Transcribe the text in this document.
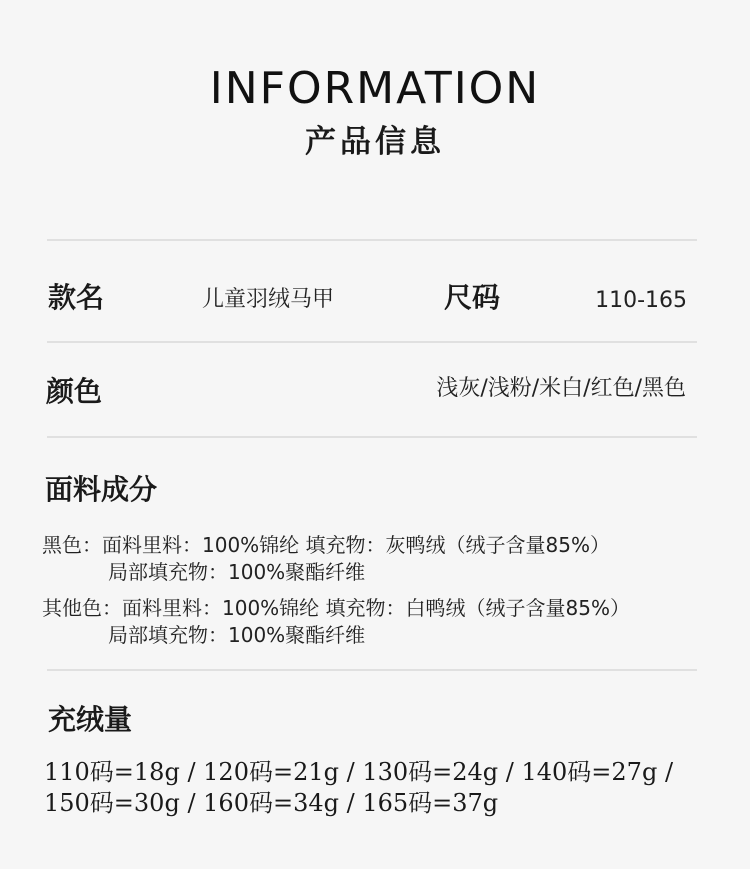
INFORMATION
产品信息
款名	儿童羽绒马甲	尺码	110-165
颜色	浅灰/浅粉/米白/红色/黑色
面料成分
黑色：面料里料：100%锦纶 填充物：灰鸭绒（绒子含量85%）
局部填充物：100%聚酯纤维
其他色：面料里料：100%锦纶 填充物：白鸭绒（绒子含量85%）
局部填充物：100%聚酯纤维
充绒量
110码=18g / 120码=21g / 130码=24g / 140码=27g /
150码=30g / 160码=34g / 165码=37g
